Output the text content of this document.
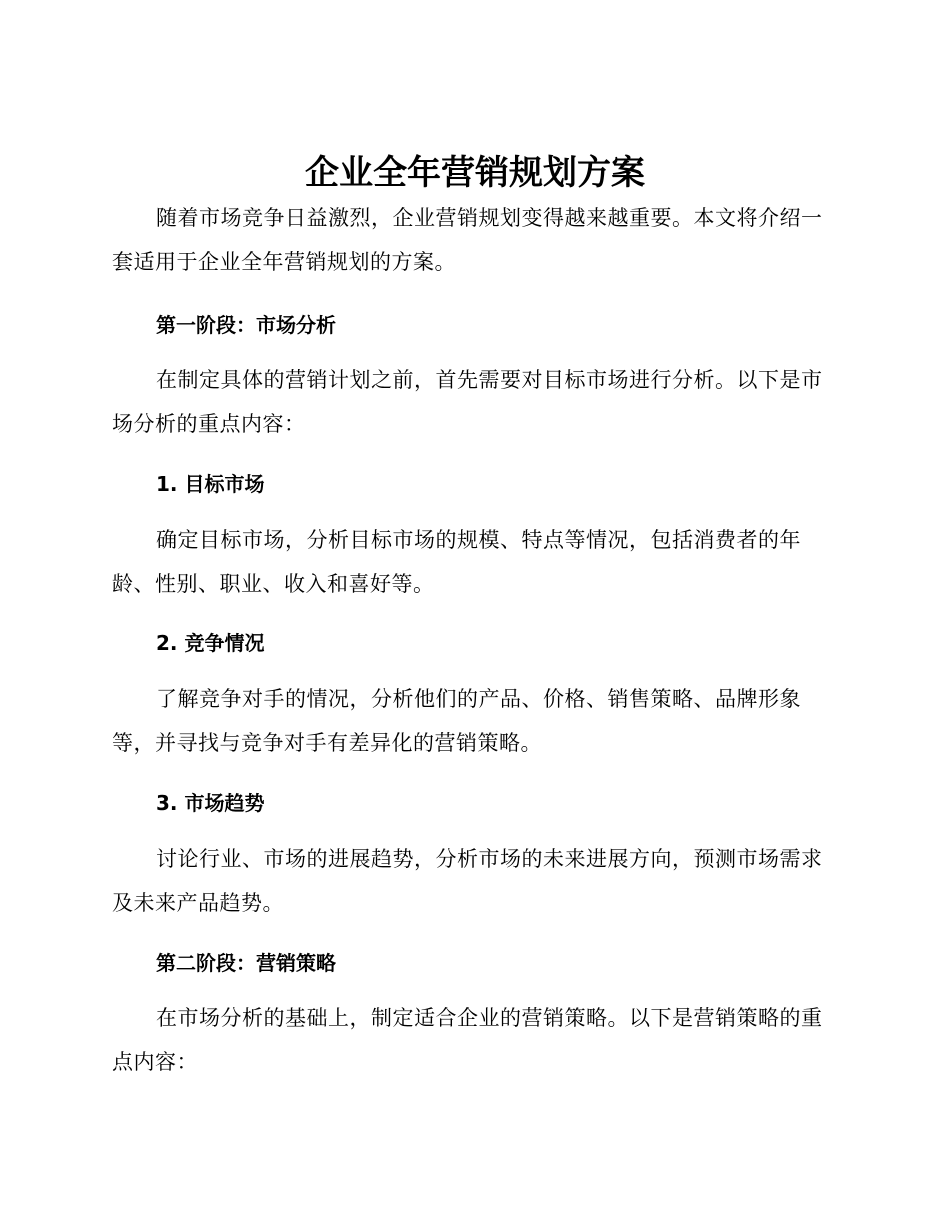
企业全年营销规划方案

随着市场竞争日益激烈，企业营销规划变得越来越重要。本文将介绍一套适用于企业全年营销规划的方案。

第一阶段：市场分析

在制定具体的营销计划之前，首先需要对目标市场进行分析。以下是市场分析的重点内容：

1. 目标市场

确定目标市场，分析目标市场的规模、特点等情况，包括消费者的年龄、性别、职业、收入和喜好等。

2. 竞争情况

了解竞争对手的情况，分析他们的产品、价格、销售策略、品牌形象等，并寻找与竞争对手有差异化的营销策略。

3. 市场趋势

讨论行业、市场的进展趋势，分析市场的未来进展方向，预测市场需求及未来产品趋势。

第二阶段：营销策略

在市场分析的基础上，制定适合企业的营销策略。以下是营销策略的重点内容：
